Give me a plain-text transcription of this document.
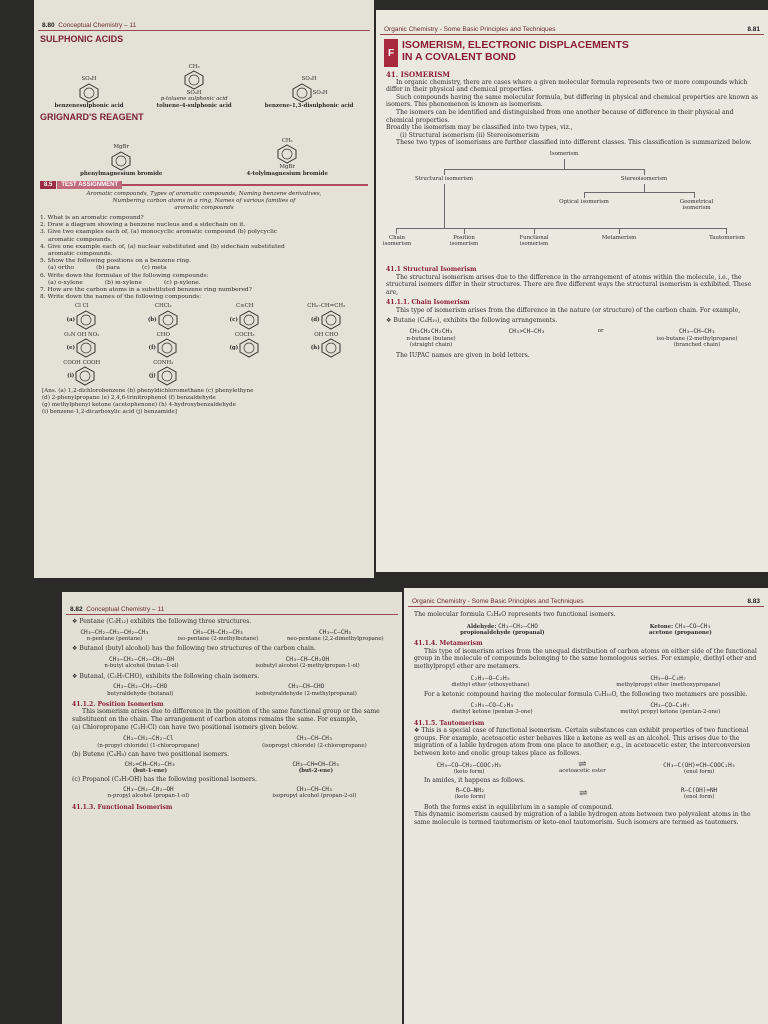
8.80 Conceptual Chemistry – 11
SULPHONIC ACIDS
SO₃H
benzenesulphonic acid
CH₃
SO₃H
p-toluene sulphonic acid
toluene-4-sulphonic acid
SO₃H
SO₃H
benzene-1,3-disulphonic acid
GRIGNARD'S REAGENT
MgBr
phenylmagnesium bromide
CH₃
MgBr
4-tolylmagnesium bromide
8.5	TEST ASSIGNMENT
Aromatic compounds, Types of aromatic compounds, Naming benzene derivatives,
Numbering carbon atoms in a ring, Names of various families of
aromatic compounds
1. What is an aromatic compound?
2. Draw a diagram showing a benzene nucleus and a sidechain on it.
3. Give two examples each of, (a) monocyclic aromatic compound (b) polycyclic
aromatic compounds.
4. Give one example each of, (a) nuclear substituted and (b) sidechain substituted
aromatic compounds.
5. Show the following positions on a benzene ring.
(a) ortho	(b) para	(c) meta
6. Write down the formulae of the following compounds:
(a) o-xylene	(b) m-xylene	(c) p-xylene.
7. How are the carbon atoms in a substituted benzene ring numbered?
8. Write down the names of the following compounds:
Cl Cl
(a)
CHCl₂
(b)
C≡CH
(c)
CH₂–CH=CH₂
(d)
O₂N OH NO₂
(e)
CHO
(f)
COCH₃
(g)
OH CHO
(h)
COOH COOH
(i)
CONH₂
(j)
[Ans. (a) 1,2-dichlorobenzene (b) phenyldichloromethane (c) phenylethyne
(d) 2-phenylpropane (e) 2,4,6-trinitrophenol (f) benzaldehyde
(g) methylphenyl ketone (acetophenone) (h) 4-hydroxybenzaldehyde
(i) benzene-1,2-dicarboxylic acid (j) benzamide]
Organic Chemistry - Some Basic Principles and Techniques	8.81
F
ISOMERISM, ELECTRONIC DISPLACEMENTS
IN A COVALENT BOND
41. ISOMERISM
In organic chemistry, there are cases where a given molecular formula represents two or more compounds which differ in their physical and chemical properties.
Such compounds having the same molecular formula, but differing in physical and chemical properties are known as isomers. This phenomenon is known as isomerism.
The isomers can be identified and distinguished from one another because of difference in their physical and chemical properties.
Broadly the isomerism may be classified into two types, viz.,
(i) Structural isomerism (ii) Stereoisomerism
These two types of isomerisms are further classified into different classes. This classification is summarized below.
Isomerism
Structural isomerism	Stereoisomerism
Optical isomerism	Geometrical isomerism
Chain isomerism
Position isomerism
Functional isomerism
Metamerism	Tautomerism
41.1 Structural Isomerism
The structural isomerism arises due to the difference in the arrangement of atoms within the molecule, i.e., the structural isomers differ in their structures. There are five different ways the structural isomerism is exhibited. These are,
41.1.1. Chain Isomerism
This type of isomerism arises from the difference in the nature (or structure) of the carbon chain. For example,
❖ Butane (C₄H₁₀), exhibits the following arrangements.
CH₃CH₂CH₂CH₃
n-butane (butane)
(straight chain)
CH₃>CH–CH₃	or	CH₃–CH–CH₃
iso-butane (2-methylpropane)
(branched chain)
The IUPAC names are given in bold letters.
8.82 Conceptual Chemistry – 11
❖ Pentane (C₅H₁₂) exhibits the following three structures.
CH₃–CH₂–CH₂–CH₂–CH₃
n-pentane (pentane)
CH₃–CH–CH₂–CH₃
iso-pentane (2-methylbutane)
CH₃–C–CH₃
neo-pentane (2,2-dimethylpropane)
❖ Butanol (butyl alcohol) has the following two structures of the carbon chain.
CH₃–CH₂–CH₂–CH₂–OH
n-butyl alcohol (butan-1-ol)
CH₃–CH–CH₂OH
isobutyl alcohol (2-methylpropan-1-ol)
❖ Butanal, (C₃H₇CHO), exhibits the following chain isomers.
CH₃–CH₂–CH₂–CHO
butyraldehyde (butanal)
CH₃–CH–CHO
isobutyraldehyde (2-methylpropanal)
41.1.2. Position Isomerism
This isomerism arises due to difference in the position of the same functional group or the same substituent on the chain. The arrangement of carbon atoms remains the same. For example,
(a) Chloropropane (C₃H₇Cl) can have two positional isomers given below.
CH₂–CH₂–CH₂–Cl
(n-propyl chloride) (1-chloropropane)
CH₃–CH–CH₃
(isopropyl chloride) (2-chloropropane)
(b) Butene (C₄H₈) can have two positional isomers.
CH₂=CH–CH₂–CH₃
(but-1-ene)
CH₃–CH=CH–CH₃
(but-2-ene)
(c) Propanol (C₃H₇OH) has the following positional isomers.
CH₃–CH₂–CH₂–OH
n-propyl alcohol (propan-1-ol)
CH₃–CH–CH₃
isopropyl alcohol (propan-2-ol)
41.1.3. Functional Isomerism
Organic Chemistry - Some Basic Principles and Techniques	8.83
The molecular formula C₃H₆O represents two functional isomers.
Aldehyde: CH₃–CH₂–CHO
propionaldehyde (propanal)
Ketone: CH₃–CO–CH₃
acetone (propanone)
41.1.4. Metamerism
This type of isomerism arises from the unequal distribution of carbon atoms on either side of the functional group in the molecule of compounds belonging to the same homologous series. For example, diethyl ether and methylpropyl ether are metamers.
C₂H₅–O–C₂H₅
diethyl ether (ethoxyethane)
CH₃–O–C₃H₇
methylpropyl ether (methoxypropane)
For a ketonic compound having the molecular formula C₅H₁₀O, the following two metamers are possible.
C₂H₅–CO–C₂H₅
diethyl ketone (pentan-3-one)
CH₃–CO–C₃H₇
methyl propyl ketone (pentan-2-one)
41.1.5. Tautomerism
❖ This is a special case of functional isomerism. Certain substances can exhibit properties of two functional groups. For example, acetoacetic ester behaves like a ketone as well as an alcohol. This arises due to the migration of a labile hydrogen atom from one place to another, e.g., in acetoacetic ester, the interconversion between keto and enolic group takes place as follows.
CH₃–CO–CH₂–COOC₂H₅
(keto form)
⇌
acetoacetic ester
CH₃–C(OH)=CH–COOC₂H₅
(enol form)
In amides, it happens as follows.
R–CO–NH₂
(keto form)	⇌	R–C(OH)=NH
(enol form)
Both the forms exist in equilibrium in a sample of compound.
This dynamic isomerism caused by migration of a labile hydrogen atom between two polyvalent atoms in the same molecule is termed tautomerism or keto-enol tautomerism. Such isomers are termed as tautomers.
